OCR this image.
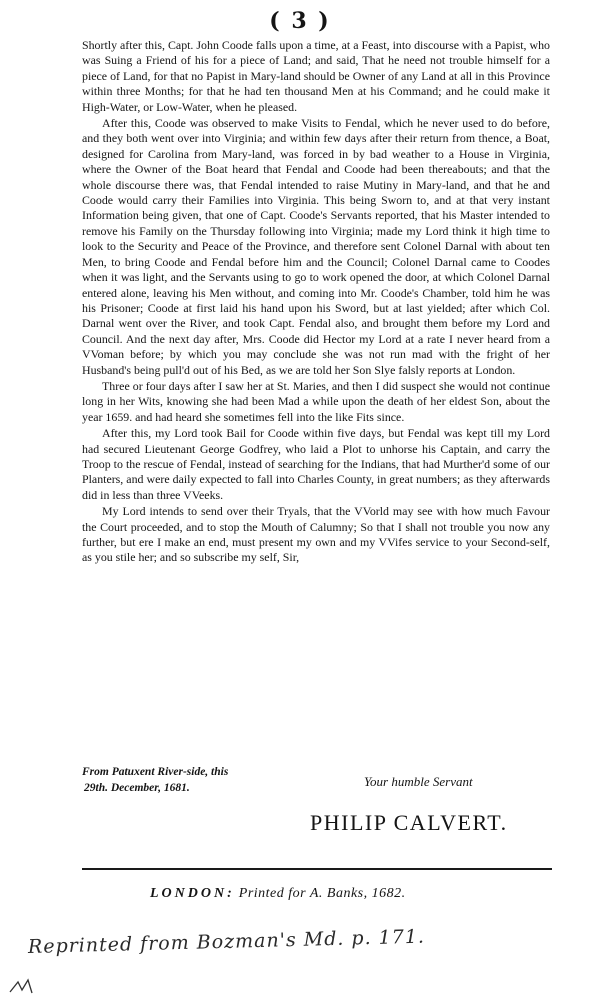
( 3 )

Shortly after this, Capt. John Coode falls upon a time, at a Feast, into discourse with a Papist, who was Suing a Friend of his for a piece of Land; and said, That he need not trouble himself for a piece of Land, for that no Papist in Mary-land should be Owner of any Land at all in this Province within three Months; for that he had ten thousand Men at his Command; and he could make it High-Water, or Low-Water, when he pleased.

After this, Coode was observed to make Visits to Fendal, which he never used to do before, and they both went over into Virginia; and within few days after their return from thence, a Boat, designed for Carolina from Mary-land, was forced in by bad weather to a House in Virginia, where the Owner of the Boat heard that Fendal and Coode had been thereabouts; and that the whole discourse there was, that Fendal intended to raise Mutiny in Mary-land, and that he and Coode would carry their Families into Virginia. This being Sworn to, and at that very instant Information being given, that one of Capt. Coode's Servants reported, that his Master intended to remove his Family on the Thursday following into Virginia; made my Lord think it high time to look to the Security and Peace of the Province, and therefore sent Colonel Darnal with about ten Men, to bring Coode and Fendal before him and the Council; Colonel Darnal came to Coodes when it was light, and the Servants using to go to work opened the door, at which Colonel Darnal entered alone, leaving his Men without, and coming into Mr. Coode's Chamber, told him he was his Prisoner; Coode at first laid his hand upon his Sword, but at last yielded; after which Col. Darnal went over the River, and took Capt. Fendal also, and brought them before my Lord and Council. And the next day after, Mrs. Coode did Hector my Lord at a rate I never heard from a VVoman before; by which you may conclude she was not run mad with the fright of her Husband's being pull'd out of his Bed, as we are told her Son Slye falsly reports at London.

Three or four days after I saw her at St. Maries, and then I did suspect she would not continue long in her Wits, knowing she had been Mad a while upon the death of her eldest Son, about the year 1659. and had heard she sometimes fell into the like Fits since.

After this, my Lord took Bail for Coode within five days, but Fendal was kept till my Lord had secured Lieutenant George Godfrey, who laid a Plot to unhorse his Captain, and carry the Troop to the rescue of Fendal, instead of searching for the Indians, that had Murther'd some of our Planters, and were daily expected to fall into Charles County, in great numbers; as they afterwards did in less than three VVeeks.

My Lord intends to send over their Tryals, that the VVorld may see with how much Favour the Court proceeded, and to stop the Mouth of Calumny; So that I shall not trouble you now any further, but ere I make an end, must present my own and my VVifes service to your Second-self, as you stile her; and so subscribe my self, Sir,

From Patuxent River-side, this
29th. December, 1681.	Your humble Servant
PHILIP CALVERT.
LONDON: Printed for A. Banks, 1682.
Reprinted from Bozman's Md. p. 171.
